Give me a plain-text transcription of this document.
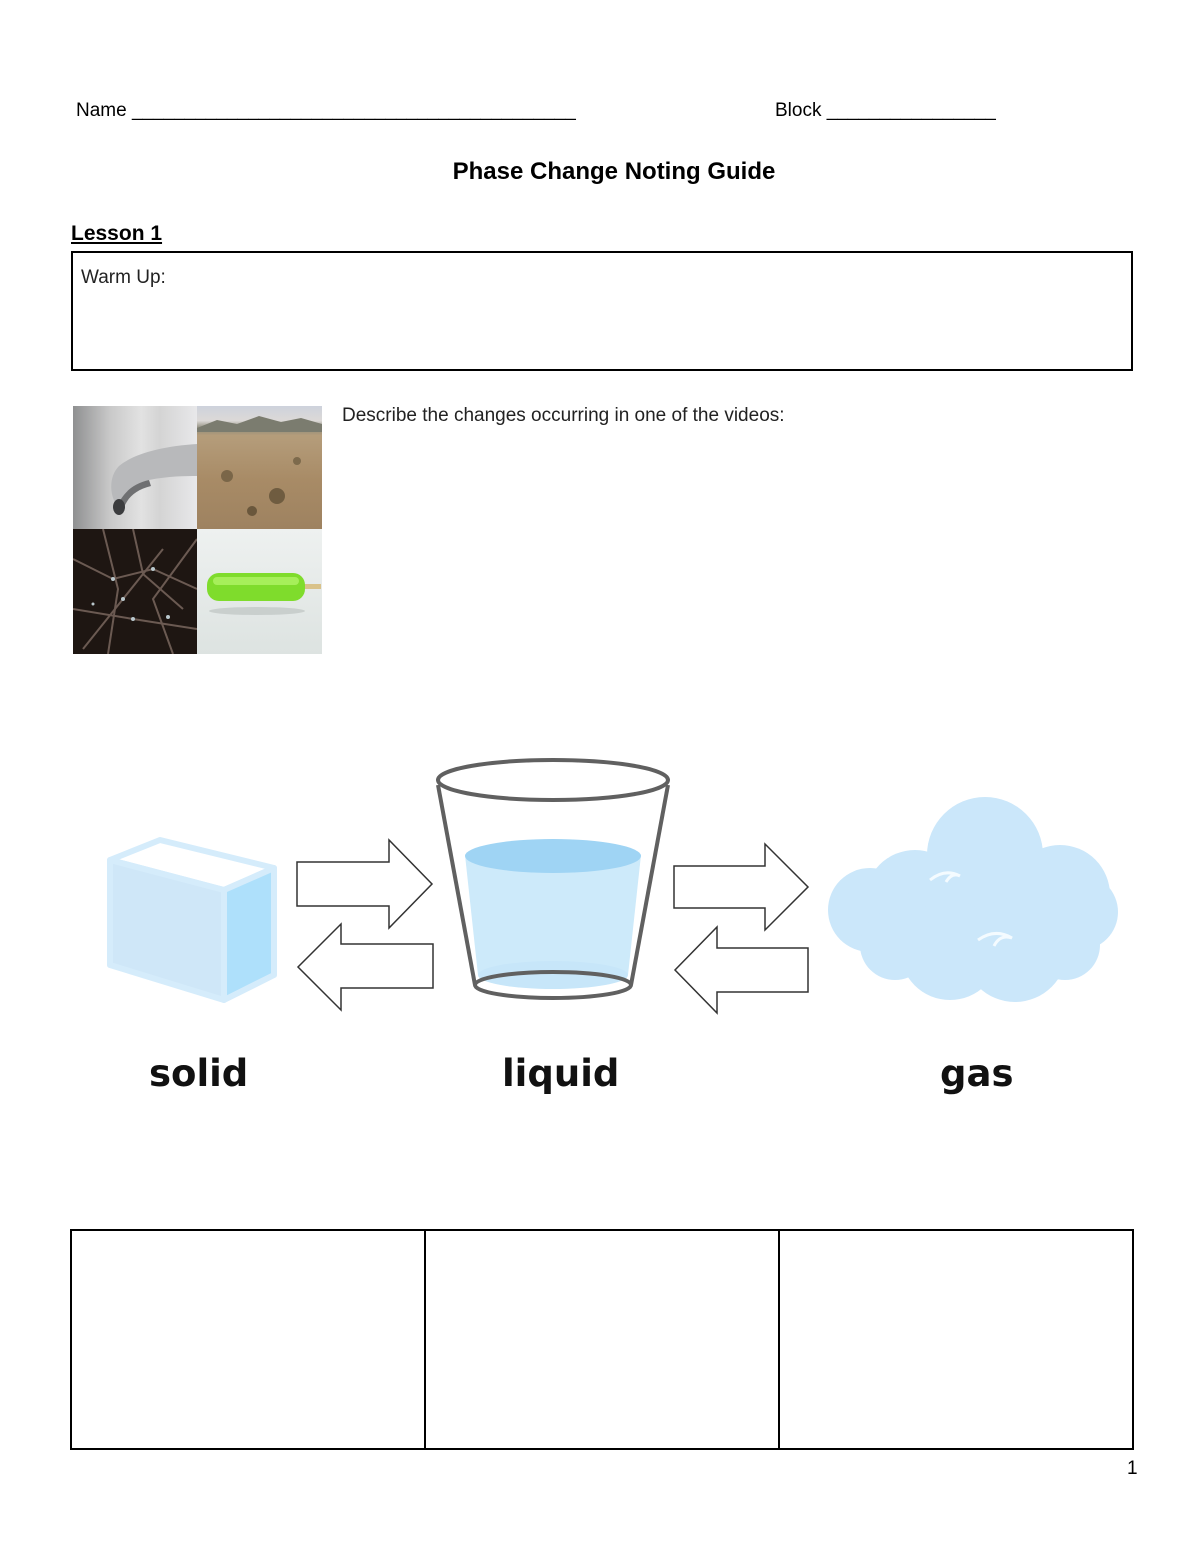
Name __________________________________________	Block ________________
Phase Change Noting Guide
Lesson 1
Warm Up:
Describe the changes occurring in one of the videos:
solid	liquid	gas

1
